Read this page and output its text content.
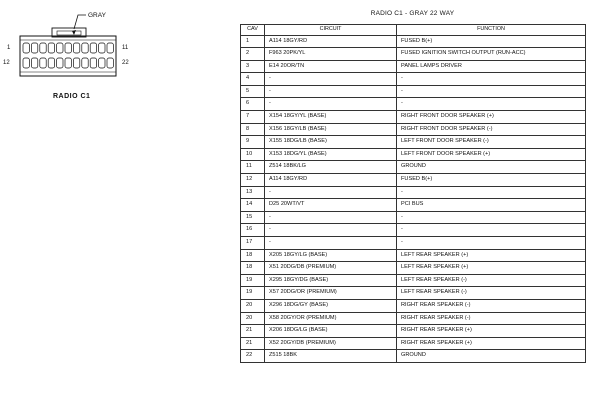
GRAY
1	11
12	22
RADIO C1
RADIO C1 - GRAY 22 WAY
CAV	CIRCUIT	FUNCTION
1	A114 18GY/RD	FUSED B(+)
2	F963 20PK/YL	FUSED IGNITION SWITCH OUTPUT (RUN-ACC)
3	E14 20OR/TN	PANEL LAMPS DRIVER
4	-	-
5	-	-
6	-	-
7	X154 18GY/YL (BASE)	RIGHT FRONT DOOR SPEAKER (+)
8	X156 18GY/LB (BASE)	RIGHT FRONT DOOR SPEAKER (-)
9	X155 18DG/LB (BASE)	LEFT FRONT DOOR SPEAKER (-)
10	X153 18DG/YL (BASE)	LEFT FRONT DOOR SPEAKER (+)
11	Z514 18BK/LG	GROUND
12	A114 18GY/RD	FUSED B(+)
13	-	-
14	D25 20WT/VT	PCI BUS
15	-	-
16	-	-
17	-	-
18	X205 18GY/LG (BASE)	LEFT REAR SPEAKER (+)
18	X51 20DG/DB (PREMIUM)	LEFT REAR SPEAKER (+)
19	X295 18GY/DG (BASE)	LEFT REAR SPEAKER (-)
19	X57 20DG/OR (PREMIUM)	LEFT REAR SPEAKER (-)
20	X296 18DG/GY (BASE)	RIGHT REAR SPEAKER (-)
20	X58 20GY/OR (PREMIUM)	RIGHT REAR SPEAKER (-)
21	X206 18DG/LG (BASE)	RIGHT REAR SPEAKER (+)
21	X52 20GY/DB (PREMIUM)	RIGHT REAR SPEAKER (+)
22	Z515 18BK	GROUND
